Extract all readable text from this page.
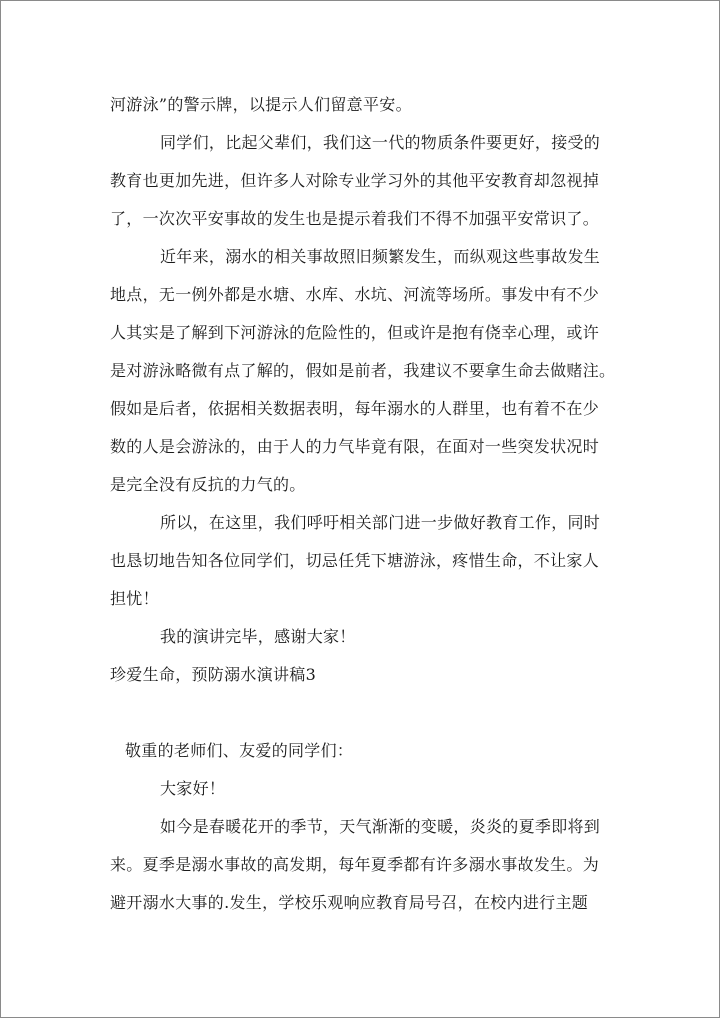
河游泳”的警示牌，以提示人们留意平安。
同学们，比起父辈们，我们这一代的物质条件要更好，接受的
教育也更加先进，但许多人对除专业学习外的其他平安教育却忽视掉
了，一次次平安事故的发生也是提示着我们不得不加强平安常识了。
近年来，溺水的相关事故照旧频繁发生，而纵观这些事故发生
地点，无一例外都是水塘、水库、水坑、河流等场所。事发中有不少
人其实是了解到下河游泳的危险性的，但或许是抱有侥幸心理，或许
是对游泳略微有点了解的，假如是前者，我建议不要拿生命去做赌注。
假如是后者，依据相关数据表明，每年溺水的人群里，也有着不在少
数的人是会游泳的，由于人的力气毕竟有限，在面对一些突发状况时
是完全没有反抗的力气的。
所以，在这里，我们呼吁相关部门进一步做好教育工作，同时
也恳切地告知各位同学们，切忌任凭下塘游泳，疼惜生命，不让家人
担忧！
我的演讲完毕，感谢大家！
珍爱生命，预防溺水演讲稿3
敬重的老师们、友爱的同学们：
大家好！
如今是春暖花开的季节，天气渐渐的变暖，炎炎的夏季即将到
来。夏季是溺水事故的高发期，每年夏季都有许多溺水事故发生。为
避开溺水大事的.发生，学校乐观响应教育局号召，在校内进行主题
